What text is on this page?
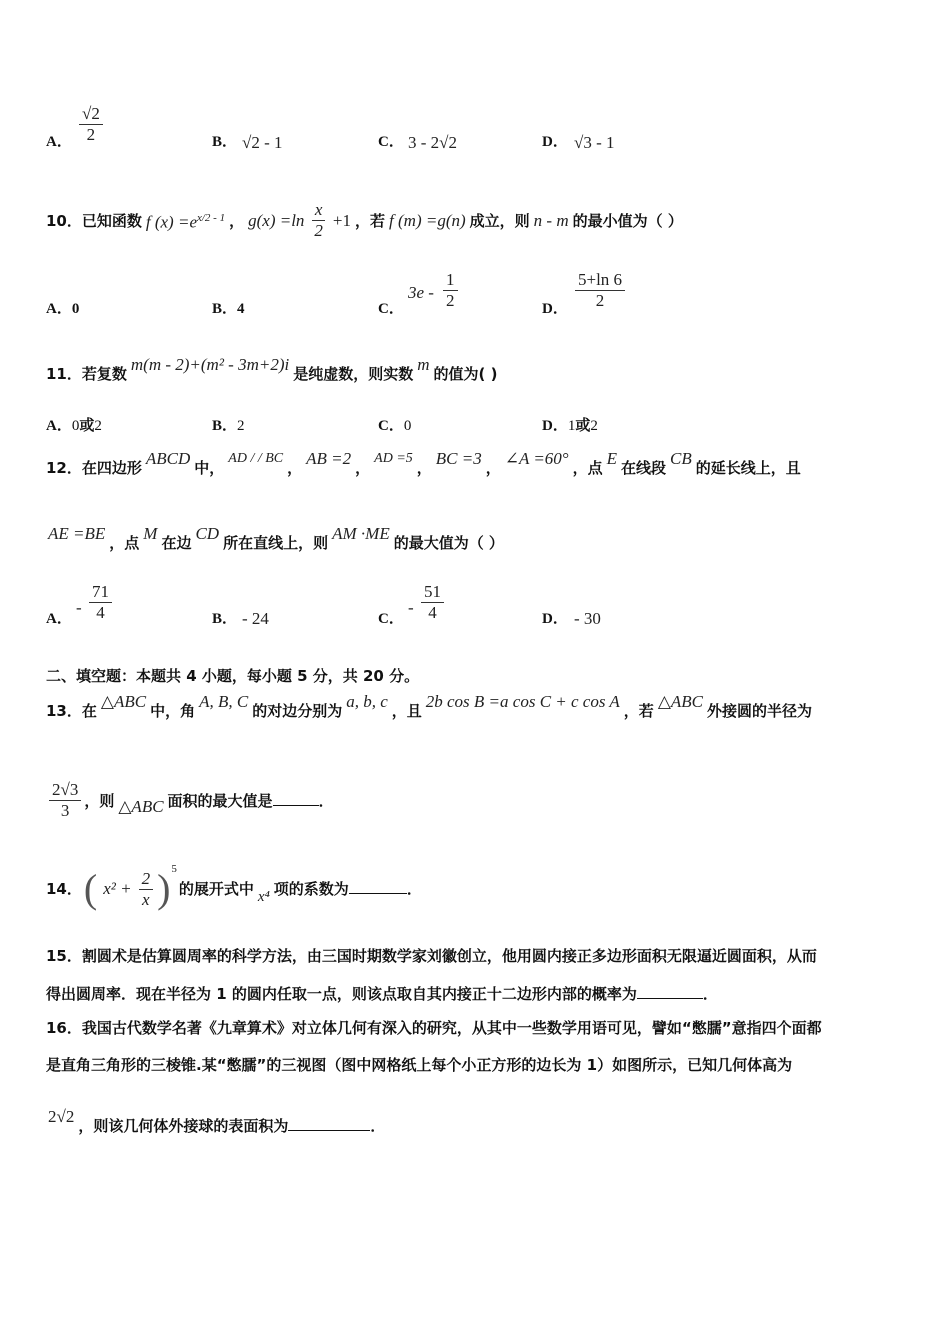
A． $\frac{√2}{2}$	B． √2 - 1	C． 3 - 2√2	D． √3 - 1
10．已知函数 f $(x) =e^{x/2 - 1}$ ， $g(x) =\ln \frac{x}{2} +1$ ，若 f (m) =g(n) 成立，则 n - m 的最小值为（ ）
A．0	B．4	C．
$3e - \frac{1}{2}$	D． $\frac{5+\ln 6}{2}$
11．若复数 m(m - 2)+(m² - 3m+2)i 是纯虚数，则实数 m 的值为( )
A．0或2	B．2	C．0	D．1或2
12．在四边形 ABCD 中，
AD / / BC
， AB =2 ，
AD =5
， BC =3 ， ∠A =60° ，点 E 在线段 CB 的延长线上，且
AE =BE ，点 M 在边 CD 所在直线上，则 AM ·ME 的最大值为（ ）
A．
- $\frac{71}{4}$	B． - 24	C．
- $\frac{51}{4}$	D． - 30
二、填空题：本题共 4 小题，每小题 5 分，共 20 分。
13．在 △ABC 中，角 A, B, C 的对边分别为 a, b, c ，且 2b cos B =a cos C + c cos A ，若 △ABC 外接圆的半径为
$\frac{2√3}{3}$ ，则 △ABC 面积的最大值是	．
14． ( $x^2 + \frac{2}{x}$ ) 5
的展开式中 x⁴ 项的系数为	．
15．割圆术是估算圆周率的科学方法，由三国时期数学家刘徽创立，他用圆内接正多边形面积无限逼近圆面积，从而
得出圆周率．现在半径为 1 的圆内任取一点，则该点取自其内接正十二边形内部的概率为	．
16．我国古代数学名著《九章算术》对立体几何有深入的研究，从其中一些数学用语可见，譬如“憋臑”意指四个面都
是直角三角形的三棱锥.某“憋臑”的三视图（图中网格纸上每个小正方形的边长为 1）如图所示，已知几何体高为
2√2 ，则该几何体外接球的表面积为	．
